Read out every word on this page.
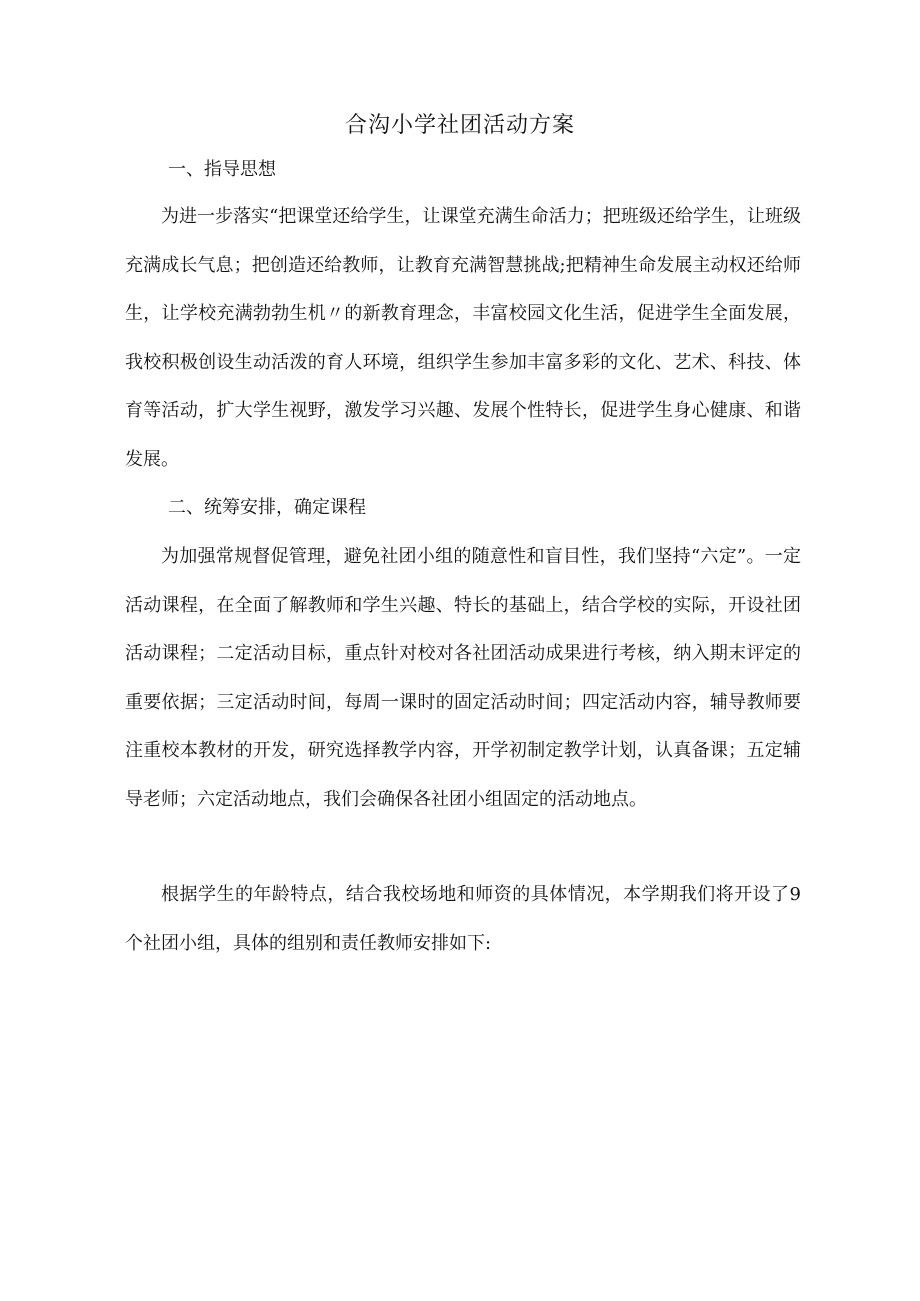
合沟小学社团活动方案

一、指导思想

为进一步落实“把课堂还给学生，让课堂充满生命活力；把班级还给学生，让班级充满成长气息；把创造还给教师，让教育充满智慧挑战;把精神生命发展主动权还给师生，让学校充满勃勃生机〃的新教育理念，丰富校园文化生活，促进学生全面发展，我校积极创设生动活泼的育人环境，组织学生参加丰富多彩的文化、艺术、科技、体育等活动，扩大学生视野，激发学习兴趣、发展个性特长，促进学生身心健康、和谐发展。

二、统筹安排，确定课程

为加强常规督促管理，避免社团小组的随意性和盲目性，我们坚持“六定”。一定活动课程，在全面了解教师和学生兴趣、特长的基础上，结合学校的实际，开设社团活动课程；二定活动目标，重点针对校对各社团活动成果进行考核，纳入期末评定的重要依据；三定活动时间，每周一课时的固定活动时间；四定活动内容，辅导教师要注重校本教材的开发，研究选择教学内容，开学初制定教学计划，认真备课；五定辅导老师；六定活动地点，我们会确保各社团小组固定的活动地点。

根据学生的年龄特点，结合我校场地和师资的具体情况，本学期我们将开设了9个社团小组，具体的组别和责任教师安排如下:
